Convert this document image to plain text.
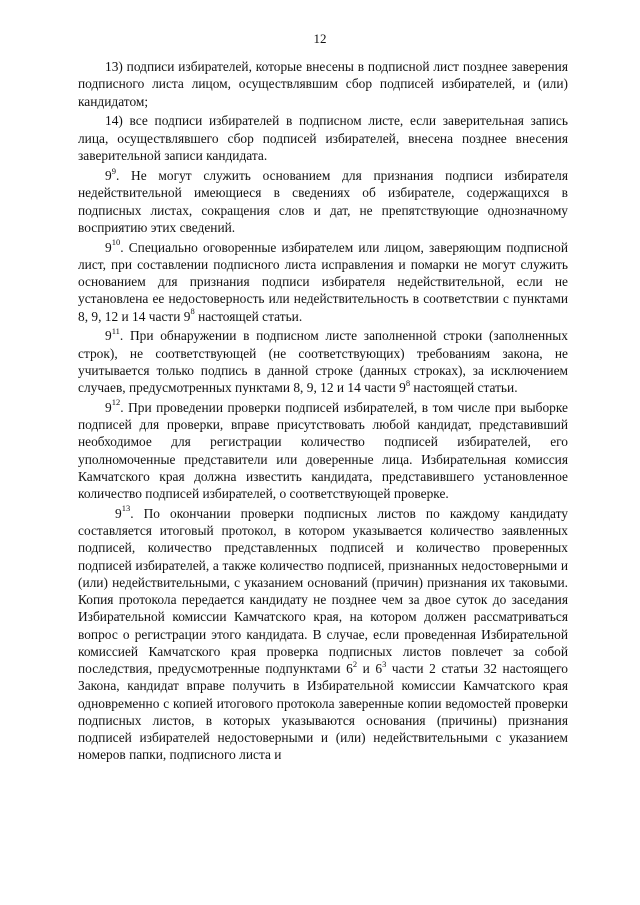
12

13) подписи избирателей, которые внесены в подписной лист позднее заверения подписного листа лицом, осуществлявшим сбор подписей избирателей, и (или) кандидатом;

14) все подписи избирателей в подписном листе, если заверительная запись лица, осуществлявшего сбор подписей избирателей, внесена позднее внесения заверительной записи кандидата.

$9^9$. Не могут служить основанием для признания подписи избирателя недействительной имеющиеся в сведениях об избирателе, содержащихся в подписных листах, сокращения слов и дат, не препятствующие однозначному восприятию этих сведений.

$9^{10}$. Специально оговоренные избирателем или лицом, заверяющим подписной лист, при составлении подписного листа исправления и помарки не могут служить основанием для признания подписи избирателя недействительной, если не установлена ее недостоверность или недействительность в соответствии с пунктами 8, 9, 12 и 14 части $9^8$ настоящей статьи.

$9^{11}$. При обнаружении в подписном листе заполненной строки (заполненных строк), не соответствующей (не соответствующих) требованиям закона, не учитывается только подпись в данной строке (данных строках), за исключением случаев, предусмотренных пунктами 8, 9, 12 и 14 части $9^8$ настоящей статьи.

$9^{12}$. При проведении проверки подписей избирателей, в том числе при выборке подписей для проверки, вправе присутствовать любой кандидат, представивший необходимое для регистрации количество подписей избирателей, его уполномоченные представители или доверенные лица. Избирательная комиссия Камчатского края должна известить кандидата, представившего установленное количество подписей избирателей, о соответствующей проверке.

$9^{13}$. По окончании проверки подписных листов по каждому кандидату составляется итоговый протокол, в котором указывается количество заявленных подписей, количество представленных подписей и количество проверенных подписей избирателей, а также количество подписей, признанных недостоверными и (или) недействительными, с указанием оснований (причин) признания их таковыми. Копия протокола передается кандидату не позднее чем за двое суток до заседания Избирательной комиссии Камчатского края, на котором должен рассматриваться вопрос о регистрации этого кандидата. В случае, если проведенная Избирательной комиссией Камчатского края проверка подписных листов повлечет за собой последствия, предусмотренные подпунктами $6^2$ и $6^3$ части 2 статьи 32 настоящего Закона, кандидат вправе получить в Избирательной комиссии Камчатского края одновременно с копией итогового протокола заверенные копии ведомостей проверки подписных листов, в которых указываются основания (причины) признания подписей избирателей недостоверными и (или) недействительными с указанием номеров папки, подписного листа и
